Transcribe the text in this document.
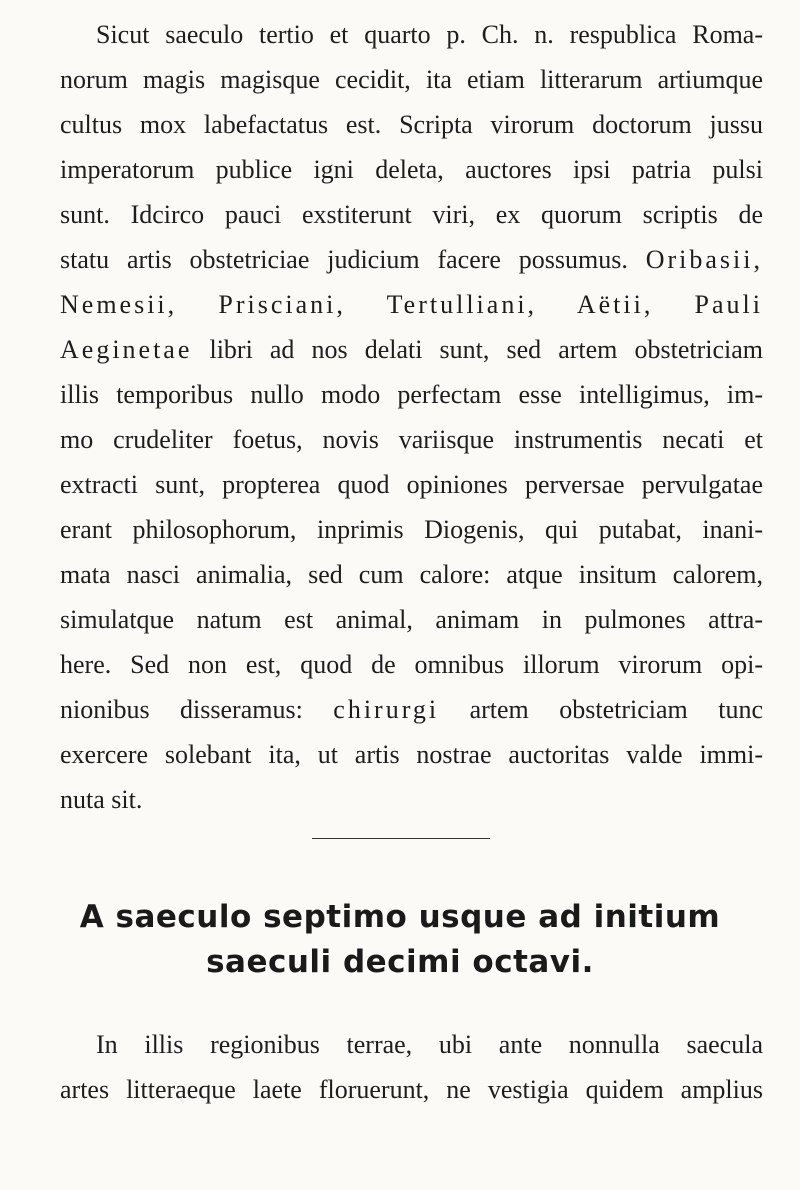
Sicut saeculo tertio et quarto p. Ch. n. respublica Roma-
norum magis magisque cecidit, ita etiam litterarum artiumque
cultus mox labefactatus est. Scripta virorum doctorum jussu
imperatorum publice igni deleta, auctores ipsi patria pulsi
sunt. Idcirco pauci exstiterunt viri, ex quorum scriptis de
statu artis obstetriciae judicium facere possumus. Oribasii,
Nemesii, Prisciani, Tertulliani, Aëtii, Pauli
Aeginetae libri ad nos delati sunt, sed artem obstetriciam
illis temporibus nullo modo perfectam esse intelligimus, im-
mo crudeliter foetus, novis variisque instrumentis necati et
extracti sunt, propterea quod opiniones perversae pervulgatae
erant philosophorum, inprimis Diogenis, qui putabat, inani-
mata nasci animalia, sed cum calore: atque insitum calorem,
simulatque natum est animal, animam in pulmones attra-
here. Sed non est, quod de omnibus illorum virorum opi-
nionibus disseramus: chirurgi artem obstetriciam tunc
exercere solebant ita, ut artis nostrae auctoritas valde immi-
nuta sit.
A saeculo septimo usque ad initium
saeculi decimi octavi.
In illis regionibus terrae, ubi ante nonnulla saecula
artes litteraeque laete floruerunt, ne vestigia quidem amplius
